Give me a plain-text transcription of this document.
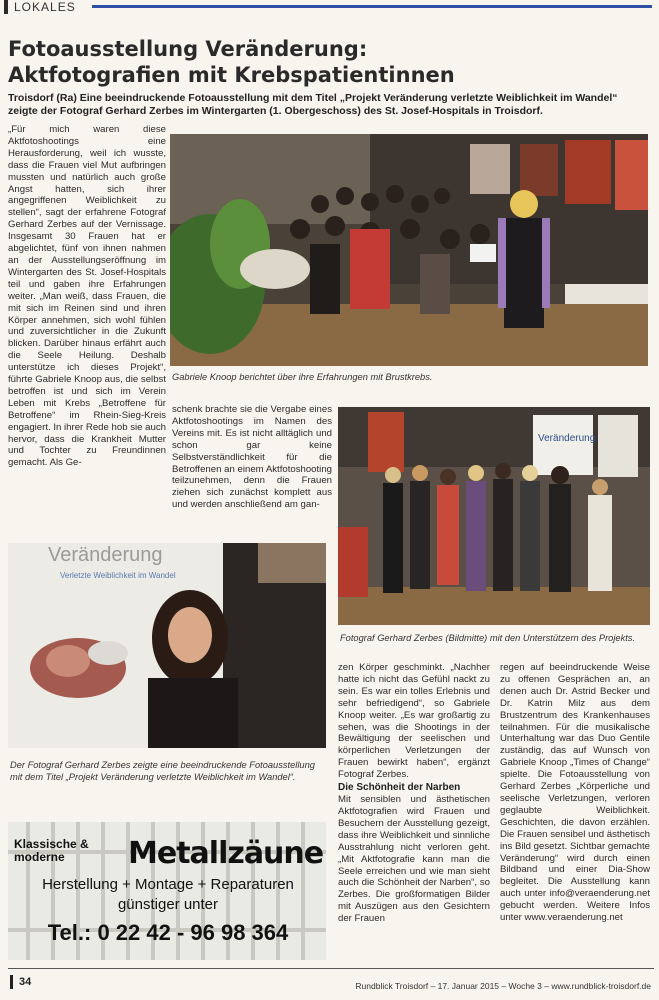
LOKALES
Fotoausstellung Veränderung:
Aktfotografien mit Krebspatientinnen
Troisdorf (Ra) Eine beeindruckende Fotoausstellung mit dem Titel „Projekt Veränderung verletzte Weiblichkeit im Wandel“ zeigte der Fotograf Gerhard Zerbes im Wintergarten (1. Obergeschoss) des St. Josef-Hospitals in Troisdorf.
„Für mich waren diese Aktfotoshootings eine Herausforderung, weil ich wusste, dass die Frauen viel Mut aufbringen mussten und natürlich auch große Angst hatten, sich ihrer angegriffenen Weiblichkeit zu stellen“, sagt der erfahrene Fotograf Gerhard Zerbes auf der Vernissage. Insgesamt 30 Frauen hat er abgelichtet, fünf von ihnen nahmen an der Ausstellungseröffnung im Wintergarten des St. Josef-Hospitals teil und gaben ihre Erfahrungen weiter. „Man weiß, dass Frauen, die mit sich im Reinen sind und ihren Körper annehmen, sich wohl fühlen und zuversichtlicher in die Zukunft blicken. Darüber hinaus erfährt auch die Seele Heilung. Deshalb unterstütze ich dieses Projekt“, führte Gabriele Knoop aus, die selbst betroffen ist und sich im Verein Leben mit Krebs „Betroffene für Betroffene“ im Rhein-Sieg-Kreis engagiert. In ihrer Rede hob sie auch hervor, dass die Krankheit Mutter und Tochter zu Freundinnen gemacht. Als Ge-
Gabriele Knoop berichtet über ihre Erfahrungen mit Brustkrebs.
schenk brachte sie die Vergabe eines Aktfotoshootings im Namen des Vereins mit. Es ist nicht alltäglich und schon gar keine Selbstverständlichkeit für die Betroffenen an einem Aktfotoshooting teilzunehmen, denn die Frauen ziehen sich zunächst komplett aus und werden anschließend am gan-
Veränderung
Fotograf Gerhard Zerbes (Bildmitte) mit den Unterstützern des Projekts.
Veränderung
Verletzte Weiblichkeit im Wandel
Der Fotograf Gerhard Zerbes zeigte eine beeindruckende Fotoausstellung mit dem Titel „Projekt Veränderung verletzte Weiblichkeit im Wandel“.
zen Körper geschminkt. „Nachher hatte ich nicht das Gefühl nackt zu sein. Es war ein tolles Erlebnis und sehr befriedigend“, so Gabriele Knoop weiter. „Es war großartig zu sehen, was die Shootings in der Bewältigung der seelischen und körperlichen Verletzungen der Frauen bewirkt haben“, ergänzt Fotograf Zerbes.
Die Schönheit der Narben
Mit sensiblen und ästhetischen Aktfotografien wird Frauen und Besuchern der Ausstellung gezeigt, dass ihre Weiblichkeit und sinnliche Ausstrahlung nicht verloren geht. „Mit Aktfotografie kann man die Seele erreichen und wie man sieht auch die Schönheit der Narben“, so Zerbes. Die großformatigen Bilder mit Auszügen aus den Gesichtern der Frauen
regen auf beeindruckende Weise zu offenen Gesprächen an, an denen auch Dr. Astrid Becker und Dr. Katrin Milz aus dem Brustzentrum des Krankenhauses teilnahmen. Für die musikalische Unterhaltung war das Duo Gentile zuständig, das auf Wunsch von Gabriele Knoop „Times of Change“ spielte. Die Fotoausstellung von Gerhard Zerbes „Körperliche und seelische Verletzungen, verloren geglaubte Weiblichkeit. Geschichten, die davon erzählen. Die Frauen sensibel und ästhetisch ins Bild gesetzt. Sichtbar gemachte Veränderung“ wird durch einen Bildband und einer Dia-Show begleitet. Die Ausstellung kann auch unter info@veraenderung.net gebucht werden. Weitere Infos unter www.veraenderung.net
Klassische & moderne	Metallzäune
Herstellung + Montage + Reparaturen
günstiger unter
Tel.: 0 22 42 - 96 98 364
34	Rundblick Troisdorf – 17. Januar 2015 – Woche 3 – www.rundblick-troisdorf.de
